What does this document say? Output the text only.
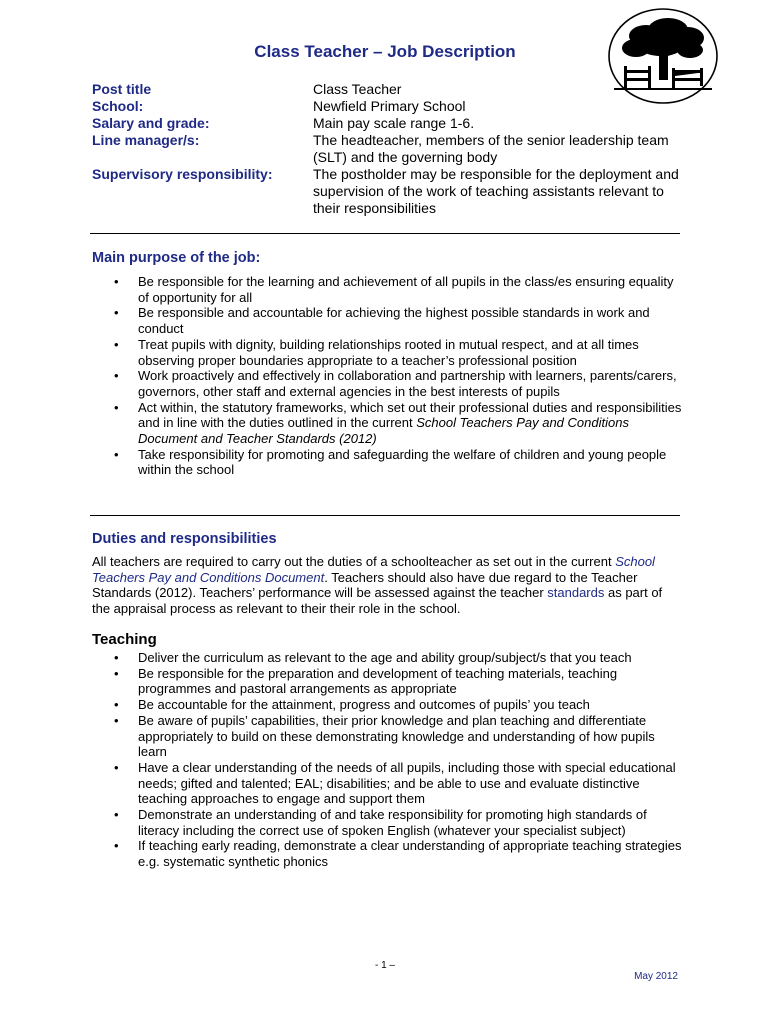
Class Teacher – Job Description
Post title	Class Teacher
School:	Newfield Primary School
Salary and grade:	Main pay scale range 1-6.
Line manager/s:	The headteacher, members of the senior leadership team (SLT) and the governing body
Supervisory responsibility:	The postholder may be responsible for the deployment and supervision of the work of teaching assistants relevant to their responsibilities
Main purpose of the job:
• Be responsible for the learning and achievement of all pupils in the class/es ensuring equality of opportunity for all
• Be responsible and accountable for achieving the highest possible standards in work and conduct
• Treat pupils with dignity, building relationships rooted in mutual respect, and at all times observing proper boundaries appropriate to a teacher’s professional position
• Work proactively and effectively in collaboration and partnership with learners, parents/carers, governors, other staff and external agencies in the best interests of pupils
• Act within, the statutory frameworks, which set out their professional duties and responsibilities and in line with the duties outlined in the current School Teachers Pay and Conditions Document and Teacher Standards (2012)
• Take responsibility for promoting and safeguarding the welfare of children and young people within the school
Duties and responsibilities

All teachers are required to carry out the duties of a schoolteacher as set out in the current School Teachers Pay and Conditions Document. Teachers should also have due regard to the Teacher Standards (2012). Teachers’ performance will be assessed against the teacher standards as part of the appraisal process as relevant to their their role in the school.

Teaching
• Deliver the curriculum as relevant to the age and ability group/subject/s that you teach
• Be responsible for the preparation and development of teaching materials, teaching programmes and pastoral arrangements as appropriate
• Be accountable for the attainment, progress and outcomes of pupils’ you teach
• Be aware of pupils’ capabilities, their prior knowledge and plan teaching and differentiate appropriately to build on these demonstrating knowledge and understanding of how pupils learn
• Have a clear understanding of the needs of all pupils, including those with special educational needs; gifted and talented; EAL; disabilities; and be able to use and evaluate distinctive teaching approaches to engage and support them
• Demonstrate an understanding of and take responsibility for promoting high standards of literacy including the correct use of spoken English (whatever your specialist subject)
• If teaching early reading, demonstrate a clear understanding of appropriate teaching strategies e.g. systematic synthetic phonics
- 1 –
May 2012
